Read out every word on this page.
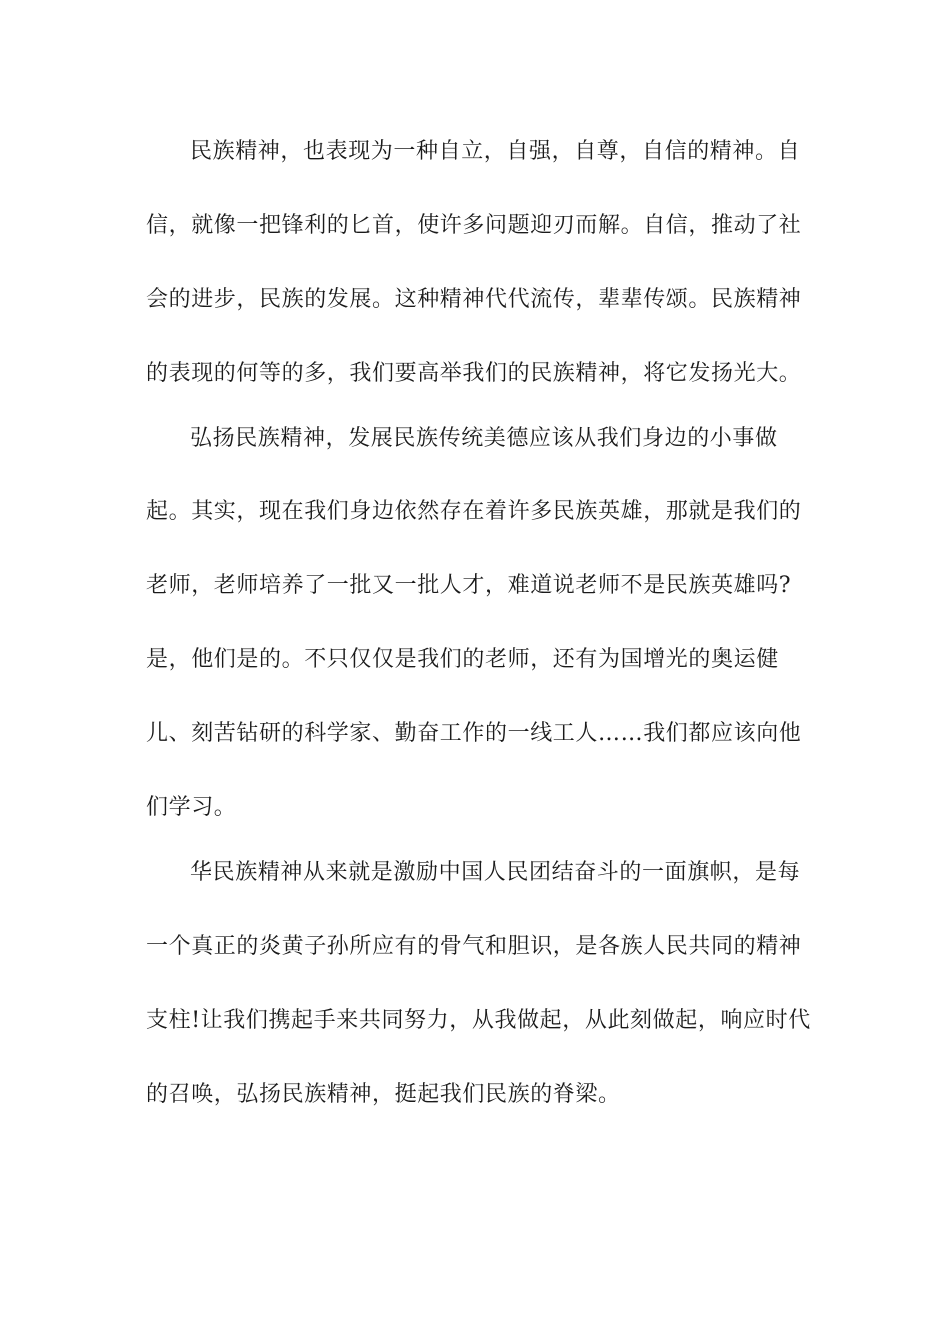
民族精神，也表现为一种自立，自强，自尊，自信的精神。自
信，就像一把锋利的匕首，使许多问题迎刃而解。自信，推动了社
会的进步，民族的发展。这种精神代代流传，辈辈传颂。民族精神
的表现的何等的多，我们要高举我们的民族精神，将它发扬光大。
弘扬民族精神，发展民族传统美德应该从我们身边的小事做
起。其实，现在我们身边依然存在着许多民族英雄，那就是我们的
老师，老师培养了一批又一批人才，难道说老师不是民族英雄吗?
是，他们是的。不只仅仅是我们的老师，还有为国增光的奥运健
儿、刻苦钻研的科学家、勤奋工作的一线工人……我们都应该向他
们学习。
华民族精神从来就是激励中国人民团结奋斗的一面旗帜，是每
一个真正的炎黄子孙所应有的骨气和胆识，是各族人民共同的精神
支柱!让我们携起手来共同努力，从我做起，从此刻做起，响应时代
的召唤，弘扬民族精神，挺起我们民族的脊梁。
